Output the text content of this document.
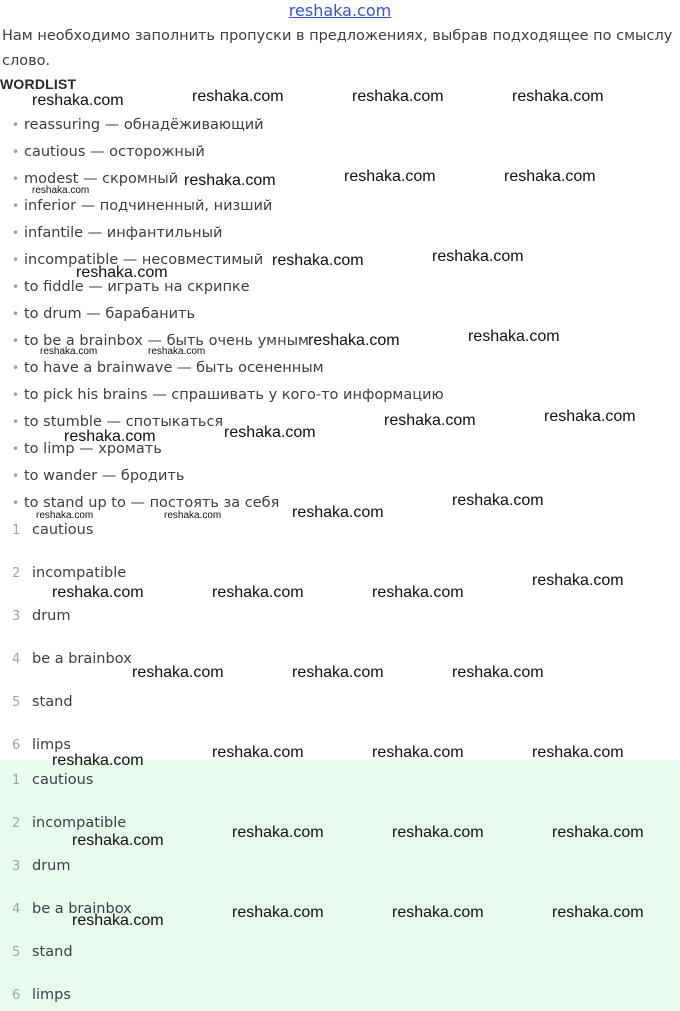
reshaka.com
Нам необходимо заполнить пропуски в предложениях, выбрав подходящее по смыслу слово.
WORDLIST
• reassuring — обнадёживающий
• cautious — осторожный
• modest — скромный
• inferior — подчиненный, низший
• infantile — инфантильный
• incompatible — несовместимый
• to fiddle — играть на скрипке
• to drum — барабанить
• to be a brainbox — быть очень умным
• to have a brainwave — быть осененным
• to pick his brains — спрашивать у кого-то информацию
• to stumble — спотыкаться
• to limp — хромать
• to wander — бродить
• to stand up to — постоять за себя
1 cautious
2 incompatible
3 drum
4 be a brainbox
5 stand
6 limps
1 cautious
2 incompatible
3 drum
4 be a brainbox
5 stand
6 limps
reshaka.com	reshaka.com	reshaka.com	reshaka.com
reshaka.com
reshaka.com	reshaka.com	reshaka.com
reshaka.com
reshaka.com	reshaka.com
reshaka.com	reshaka.com
reshaka.com	reshaka.com
reshaka.com	reshaka.com
reshaka.com	reshaka.com
reshaka.com	reshaka.com	reshaka.com
reshaka.com
reshaka.com	reshaka.com	reshaka.com
reshaka.com
reshaka.com	reshaka.com	reshaka.com
reshaka.com	reshaka.com	reshaka.com	reshaka.com
reshaka.com	reshaka.com	reshaka.com	reshaka.com
reshaka.com	reshaka.com	reshaka.com	reshaka.com
